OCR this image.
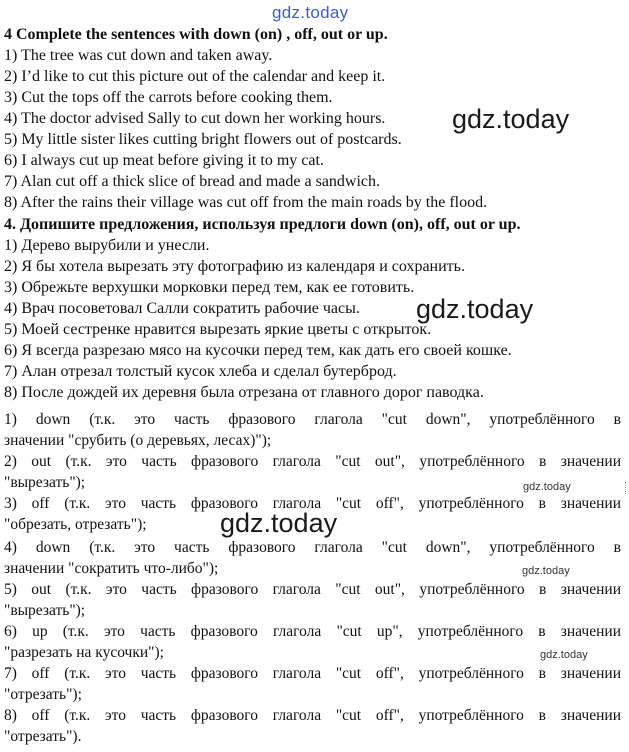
gdz.today
gdz.today
gdz.today
gdz.today
gdz.today
gdz.today
gdz.today
4 Complete the sentences with down (on) , off, out or up.
1) The tree was cut down and taken away.
2) I’d like to cut this picture out of the calendar and keep it.
3) Cut the tops off the carrots before cooking them.
4) The doctor advised Sally to cut down her working hours.
5) My little sister likes cutting bright flowers out of postcards.
6) I always cut up meat before giving it to my cat.
7) Alan cut off a thick slice of bread and made a sandwich.
8) After the rains their village was cut off from the main roads by the flood.
4. Допишите предложения, используя предлоги down (on), off, out or up.
1) Дерево вырубили и унесли.
2) Я бы хотела вырезать эту фотографию из календаря и сохранить.
3) Обрежьте верхушки морковки перед тем, как ее готовить.
4) Врач посоветовал Салли сократить рабочие часы.
5) Моей сестренке нравится вырезать яркие цветы с открыток.
6) Я всегда разрезаю мясо на кусочки перед тем, как дать его своей кошке.
7) Алан отрезал толстый кусок хлеба и сделал бутерброд.
8) После дождей их деревня была отрезана от главного дорог паводка.
1) down (т.к. это часть фразового глагола "cut down", употреблённого в
значении "срубить (о деревьях, лесах)");
2) out (т.к. это часть фразового глагола "cut out", употреблённого в значении
"вырезать");
3) off (т.к. это часть фразового глагола "cut off", употреблённого в значении
"обрезать, отрезать");
4) down (т.к. это часть фразового глагола "cut down", употреблённого в
значении "сократить что-либо");
5) out (т.к. это часть фразового глагола "cut out", употреблённого в значении
"вырезать");
6) up (т.к. это часть фразового глагола "cut up", употреблённого в значении
"разрезать на кусочки");
7) off (т.к. это часть фразового глагола "cut off", употреблённого в значении
"отрезать");
8) off (т.к. это часть фразового глагола "cut off", употреблённого в значении
"отрезать").
